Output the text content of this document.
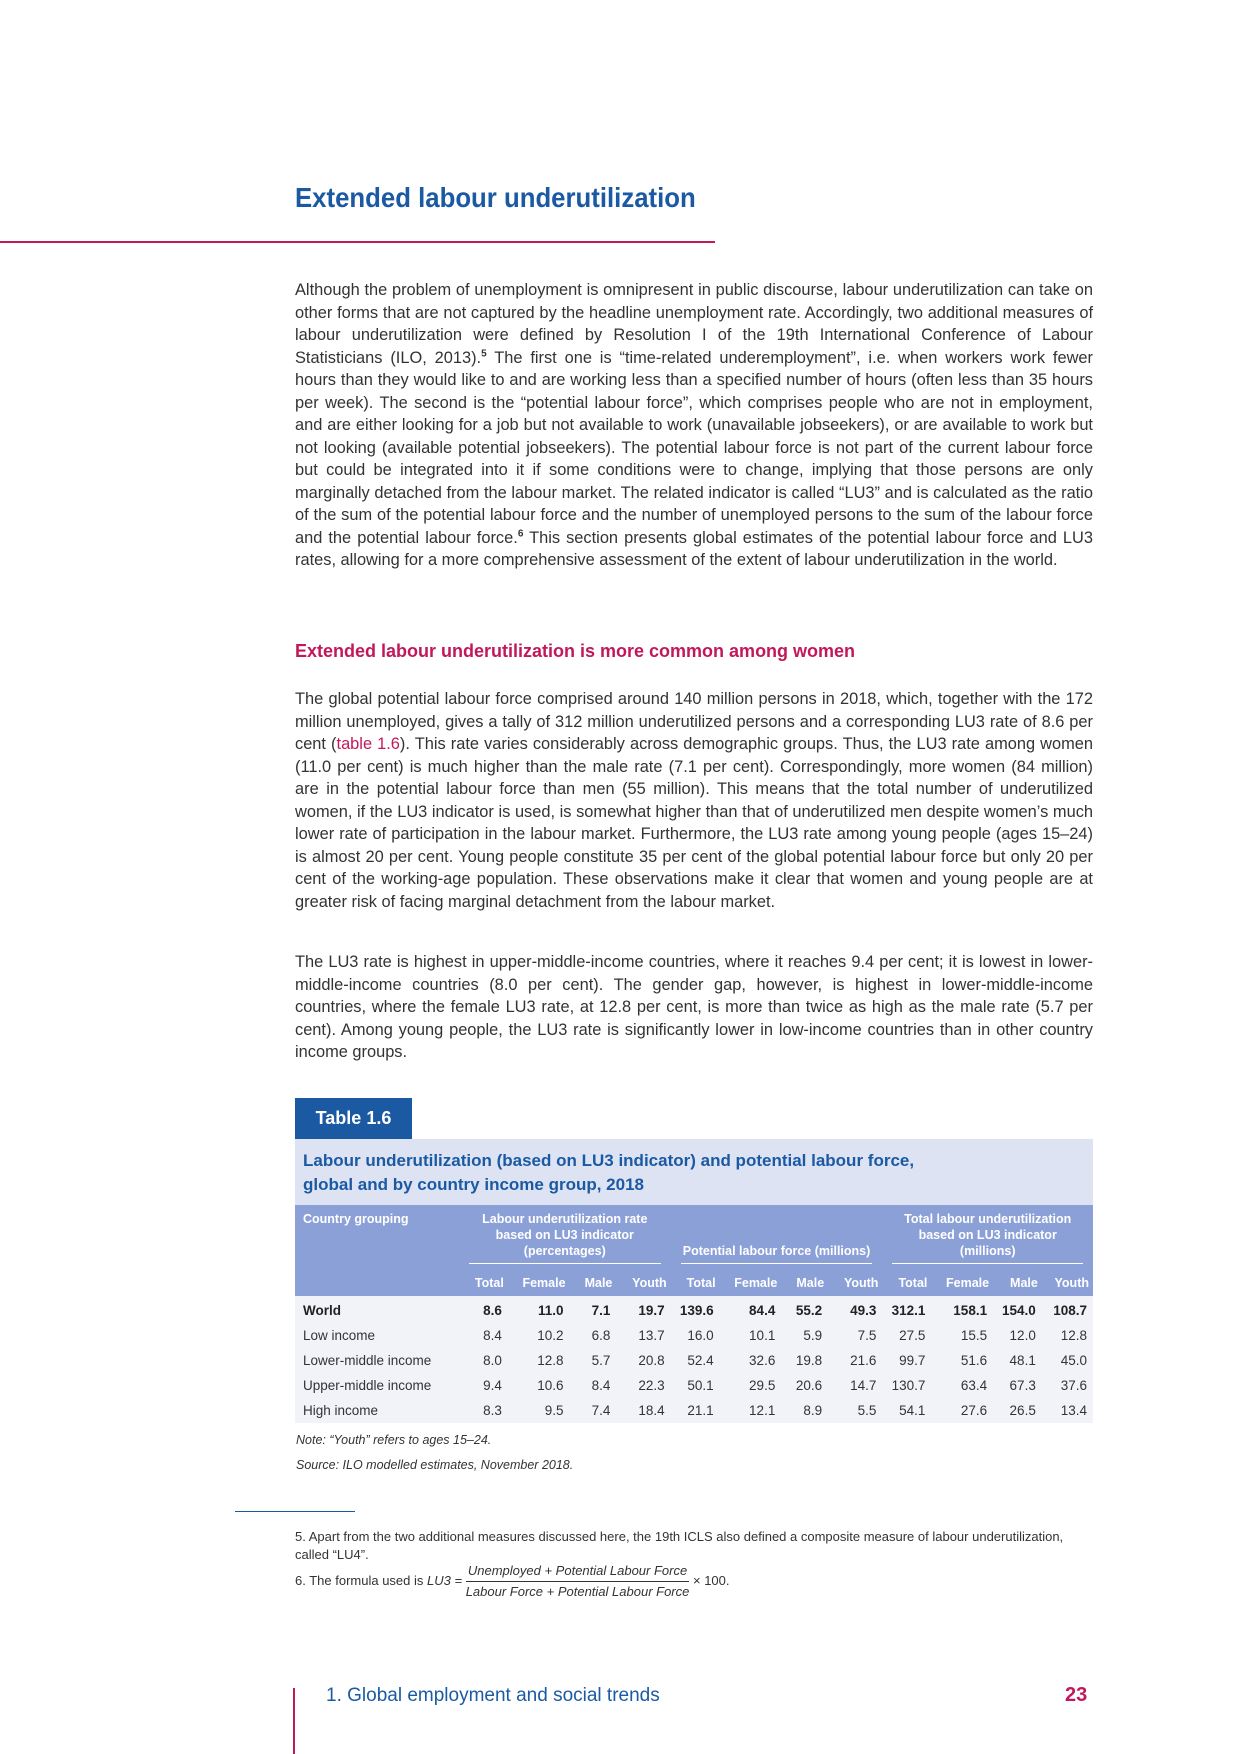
Extended labour underutilization

Although the problem of unemployment is omnipresent in public discourse, labour underutilization can take on other forms that are not captured by the headline unemployment rate. Accordingly, two additional measures of labour underutilization were defined by Resolution I of the 19th International Conference of Labour Statisticians (ILO, 2013).$^5$ The first one is “time-related underemployment”, i.e. when workers work fewer hours than they would like to and are working less than a specified number of hours (often less than 35 hours per week). The second is the “potential labour force”, which comprises people who are not in employment, and are either looking for a job but not available to work (unavailable jobseekers), or are available to work but not looking (available potential jobseekers). The potential labour force is not part of the current labour force but could be integrated into it if some conditions were to change, implying that those persons are only marginally detached from the labour market. The related indicator is called “LU3” and is calculated as the ratio of the sum of the potential labour force and the number of unemployed persons to the sum of the labour force and the potential labour force.$^6$ This section presents global estimates of the potential labour force and LU3 rates, allowing for a more comprehensive assessment of the extent of labour underutilization in the world.

Extended labour underutilization is more common among women

The global potential labour force comprised around 140 million persons in 2018, which, together with the 172 million unemployed, gives a tally of 312 million underutilized persons and a corresponding LU3 rate of 8.6 per cent (table 1.6). This rate varies considerably across demographic groups. Thus, the LU3 rate among women (11.0 per cent) is much higher than the male rate (7.1 per cent). Correspondingly, more women (84 million) are in the potential labour force than men (55 million). This means that the total number of underutilized women, if the LU3 indicator is used, is somewhat higher than that of underutilized men despite women’s much lower rate of participation in the labour market. Furthermore, the LU3 rate among young people (ages 15–24) is almost 20 per cent. Young people constitute 35 per cent of the global potential labour force but only 20 per cent of the working-age population. These observations make it clear that women and young people are at greater risk of facing marginal detachment from the labour market.

The LU3 rate is highest in upper-middle-income countries, where it reaches 9.4 per cent; it is lowest in lower-middle-income countries (8.0 per cent). The gender gap, however, is highest in lower-middle-income countries, where the female LU3 rate, at 12.8 per cent, is more than twice as high as the male rate (5.7 per cent). Among young people, the LU3 rate is significantly lower in low-income countries than in other country income groups.

Table 1.6

Labour underutilization (based on LU3 indicator) and potential labour force, global and by country income group, 2018

Country grouping	Labour underutilization rate based on LU3 indicator (percentages)				Potential labour force (millions)				Total labour underutilization based on LU3 indicator (millions)			

	Total	Female	Male	Youth	Total	Female	Male	Youth	Total	Female	Male	Youth
World	8.6	11.0	7.1	19.7	139.6	84.4	55.2	49.3	312.1	158.1	154.0	108.7
Low income	8.4	10.2	6.8	13.7	16.0	10.1	5.9	7.5	27.5	15.5	12.0	12.8
Lower-middle income	8.0	12.8	5.7	20.8	52.4	32.6	19.8	21.6	99.7	51.6	48.1	45.0
Upper-middle income	9.4	10.6	8.4	22.3	50.1	29.5	20.6	14.7	130.7	63.4	67.3	37.6
High income	8.3	9.5	7.4	18.4	21.1	12.1	8.9	5.5	54.1	27.6	26.5	13.4
Note: “Youth” refers to ages 15–24.
Source: ILO modelled estimates, November 2018.

5. Apart from the two additional measures discussed here, the 19th ICLS also defined a composite measure of labour underutilization, called “LU4”.

6. The formula used is $LU3 = \frac{\text{Unemployed + Potential Labour Force}}{\text{Labour Force + Potential Labour Force}} \times 100$.

1. Global employment and social trends	23
